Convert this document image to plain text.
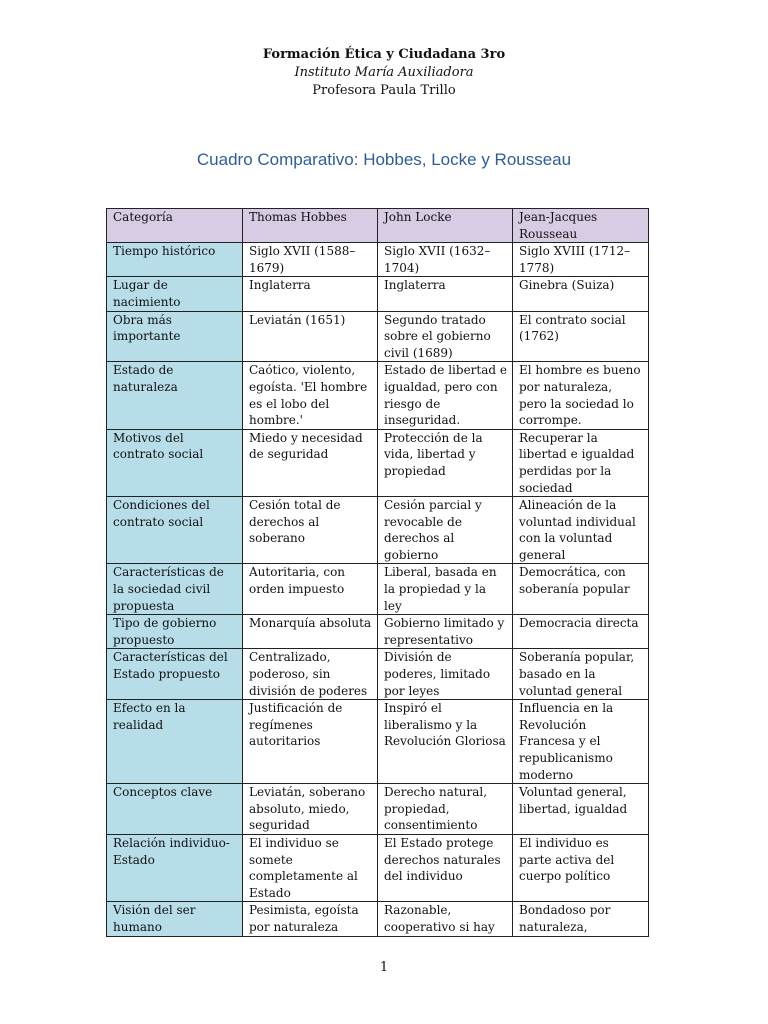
Formación Ética y Ciudadana 3ro
Instituto María Auxiliadora
Profesora Paula Trillo
Cuadro Comparativo: Hobbes, Locke y Rousseau
Categoría	Thomas Hobbes	John Locke	Jean-Jacques Rousseau
Tiempo histórico	Siglo XVII (1588–1679)	Siglo XVII (1632–1704)	Siglo XVIII (1712–1778)
Lugar de nacimiento	Inglaterra	Inglaterra	Ginebra (Suiza)
Obra más importante	Leviatán (1651)	Segundo tratado sobre el gobierno civil (1689)	El contrato social (1762)
Estado de naturaleza	Caótico, violento, egoísta. 'El hombre es el lobo del hombre.'	Estado de libertad e igualdad, pero con riesgo de inseguridad.	El hombre es bueno por naturaleza, pero la sociedad lo corrompe.
Motivos del contrato social	Miedo y necesidad de seguridad	Protección de la vida, libertad y propiedad	Recuperar la libertad e igualdad perdidas por la sociedad
Condiciones del contrato social	Cesión total de derechos al soberano	Cesión parcial y revocable de derechos al gobierno	Alineación de la voluntad individual con la voluntad general
Características de la sociedad civil propuesta	Autoritaria, con orden impuesto	Liberal, basada en la propiedad y la ley	Democrática, con soberanía popular
Tipo de gobierno propuesto	Monarquía absoluta	Gobierno limitado y representativo	Democracia directa
Características del Estado propuesto	Centralizado, poderoso, sin división de poderes	División de poderes, limitado por leyes	Soberanía popular, basado en la voluntad general
Efecto en la realidad	Justificación de regímenes autoritarios	Inspiró el liberalismo y la Revolución Gloriosa	Influencia en la Revolución Francesa y el republicanismo moderno
Conceptos clave	Leviatán, soberano absoluto, miedo, seguridad	Derecho natural, propiedad, consentimiento	Voluntad general, libertad, igualdad
Relación individuo-Estado	El individuo se somete completamente al Estado	El Estado protege derechos naturales del individuo	El individuo es parte activa del cuerpo político
Visión del ser humano	Pesimista, egoísta por naturaleza	Razonable, cooperativo si hay	Bondadoso por naturaleza,
1
